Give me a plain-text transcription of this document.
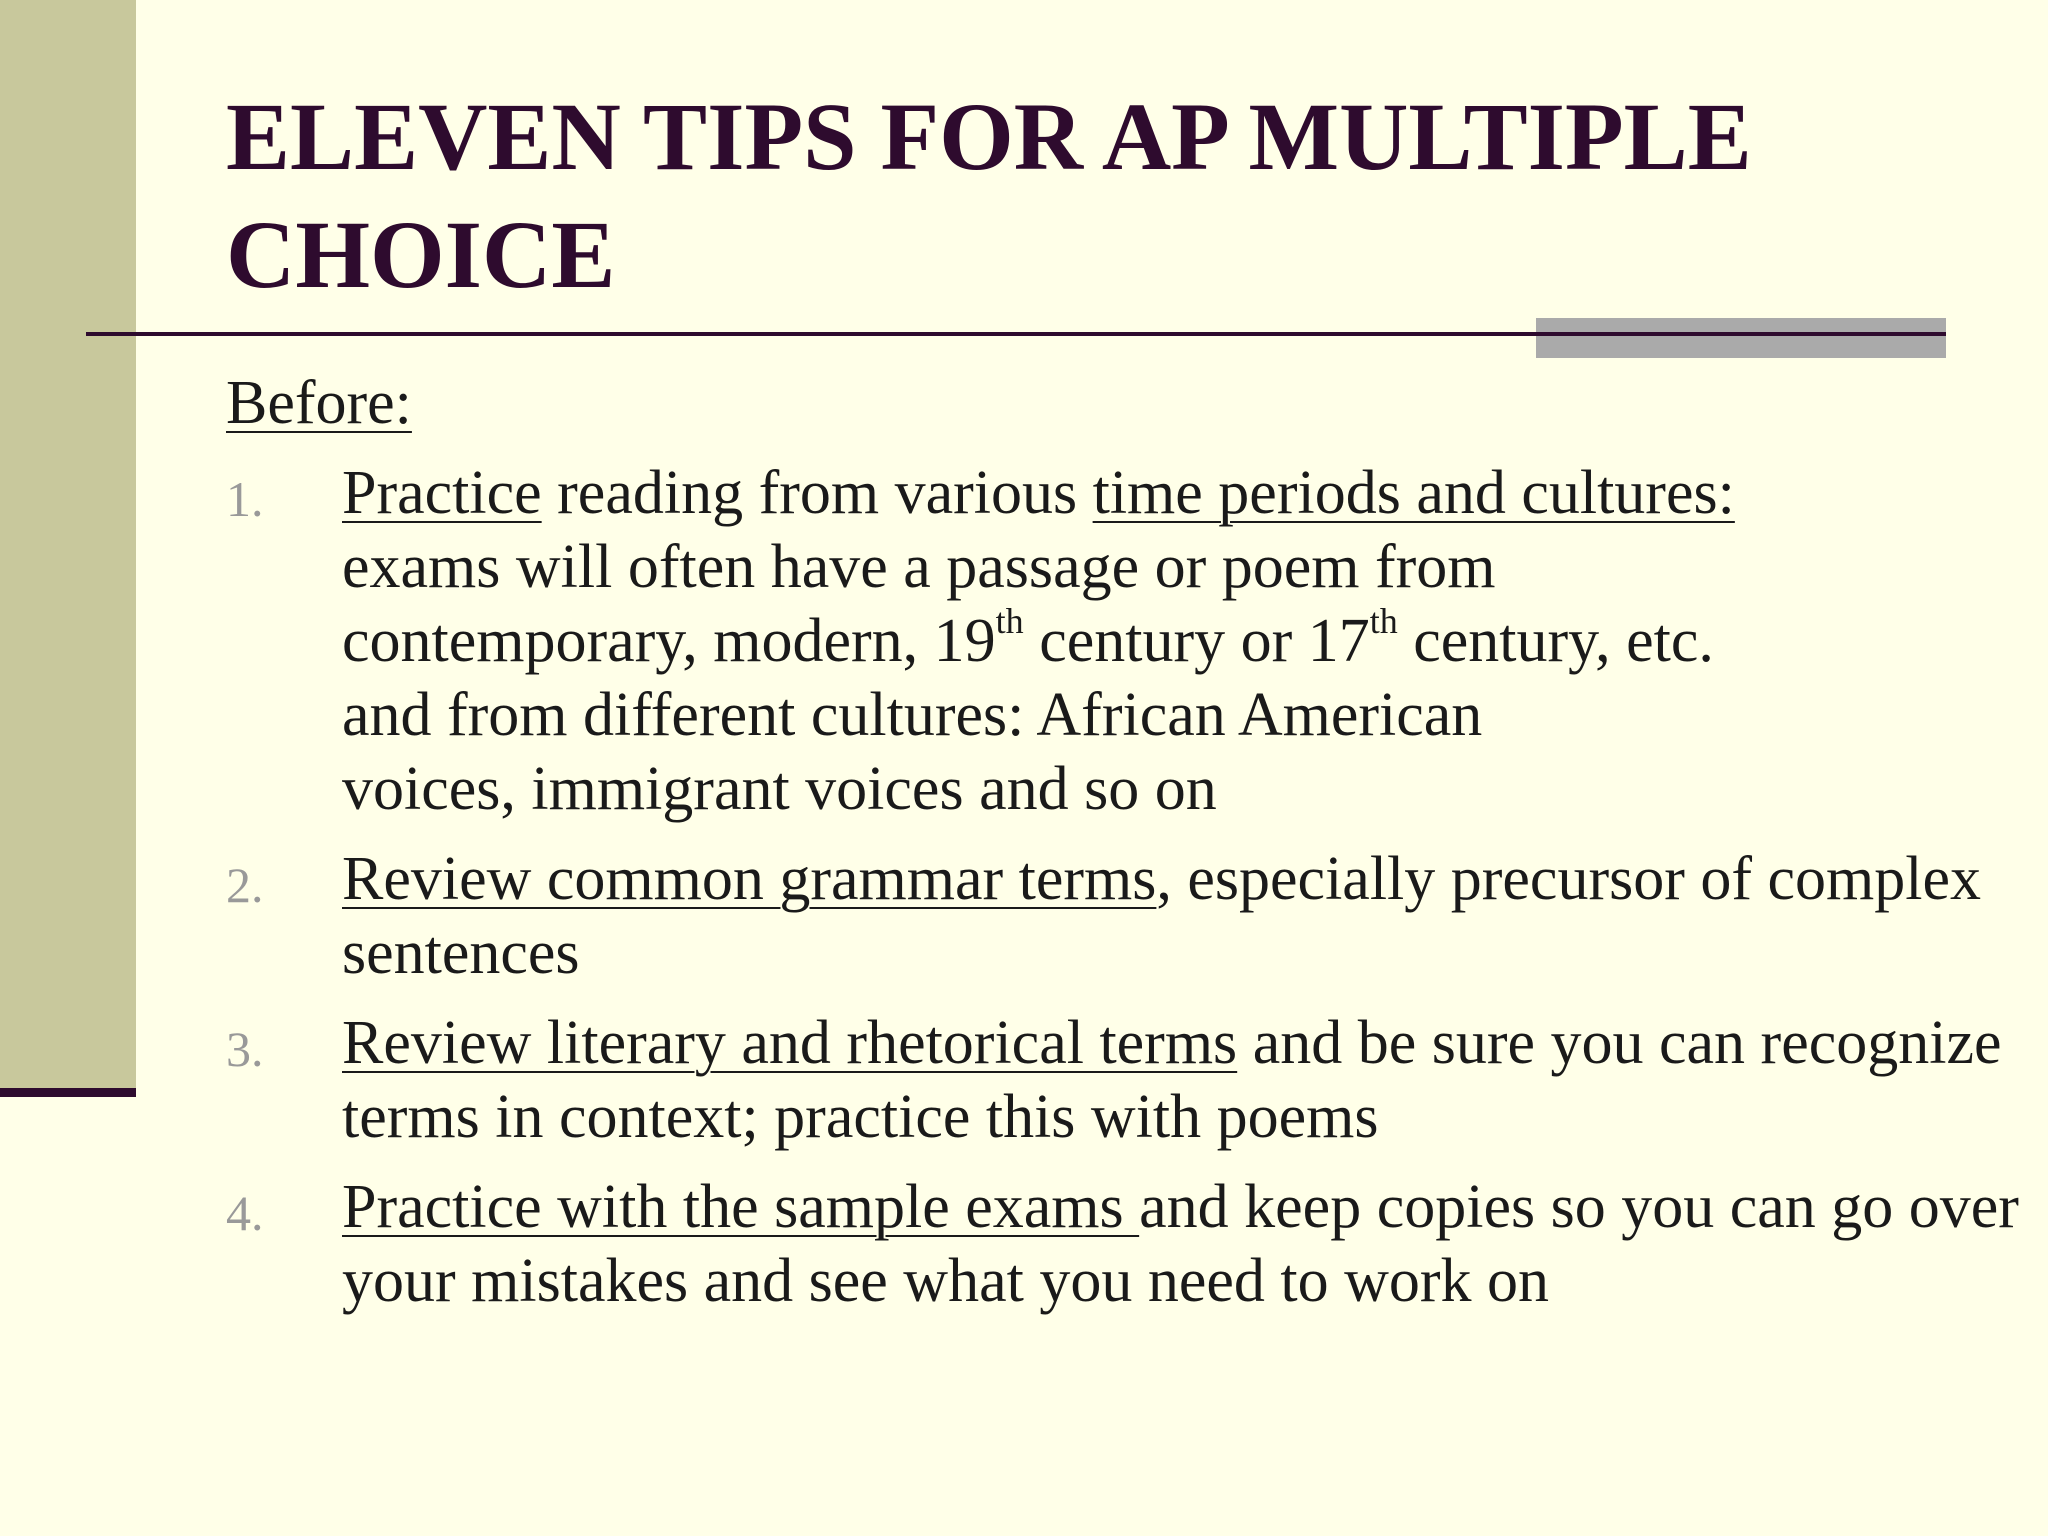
ELEVEN TIPS FOR AP MULTIPLE CHOICE
Before:
1. Practice reading from various time periods and cultures:
exams will often have a passage or poem from
contemporary, modern, 19th century or 17th century, etc.
and from different cultures: African American
voices, immigrant voices and so on
2. Review common grammar terms, especially precursor of complex sentences
3. Review literary and rhetorical terms and be sure you can recognize terms in context; practice this with poems
4. Practice with the sample exams and keep copies so you can go over your mistakes and see what you need to work on
